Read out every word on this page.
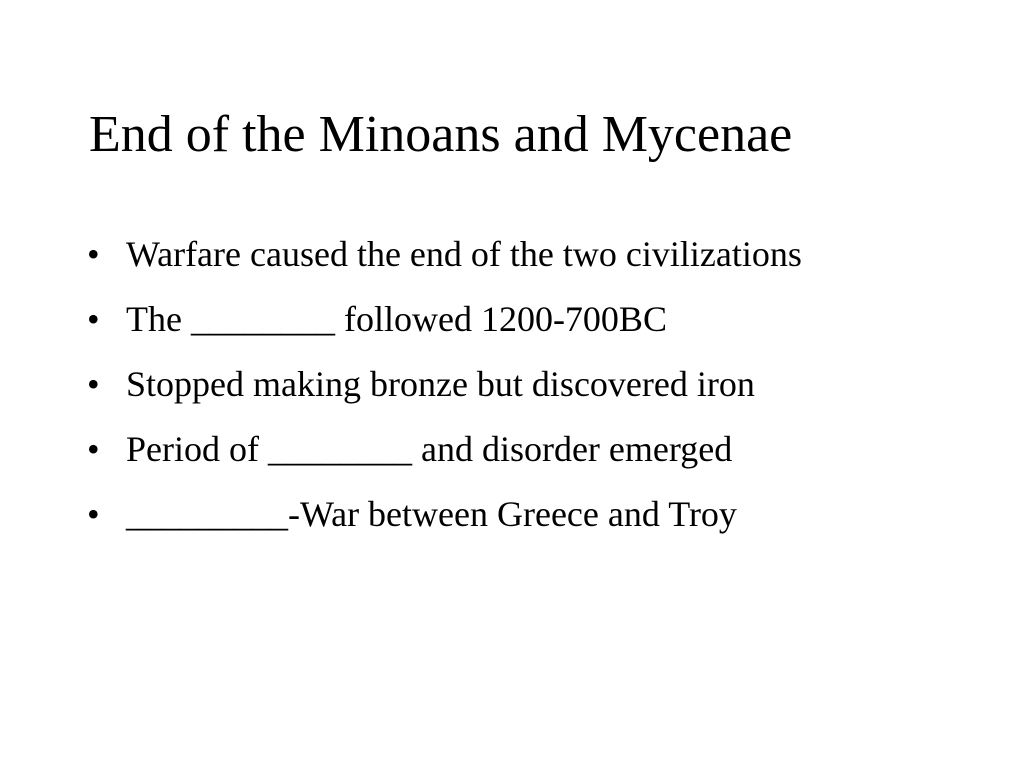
End of the Minoans and Mycenae
• Warfare caused the end of the two civilizations
• The ________ followed 1200-700BC
• Stopped making bronze but discovered iron
• Period of ________ and disorder emerged
• _________-War between Greece and Troy
